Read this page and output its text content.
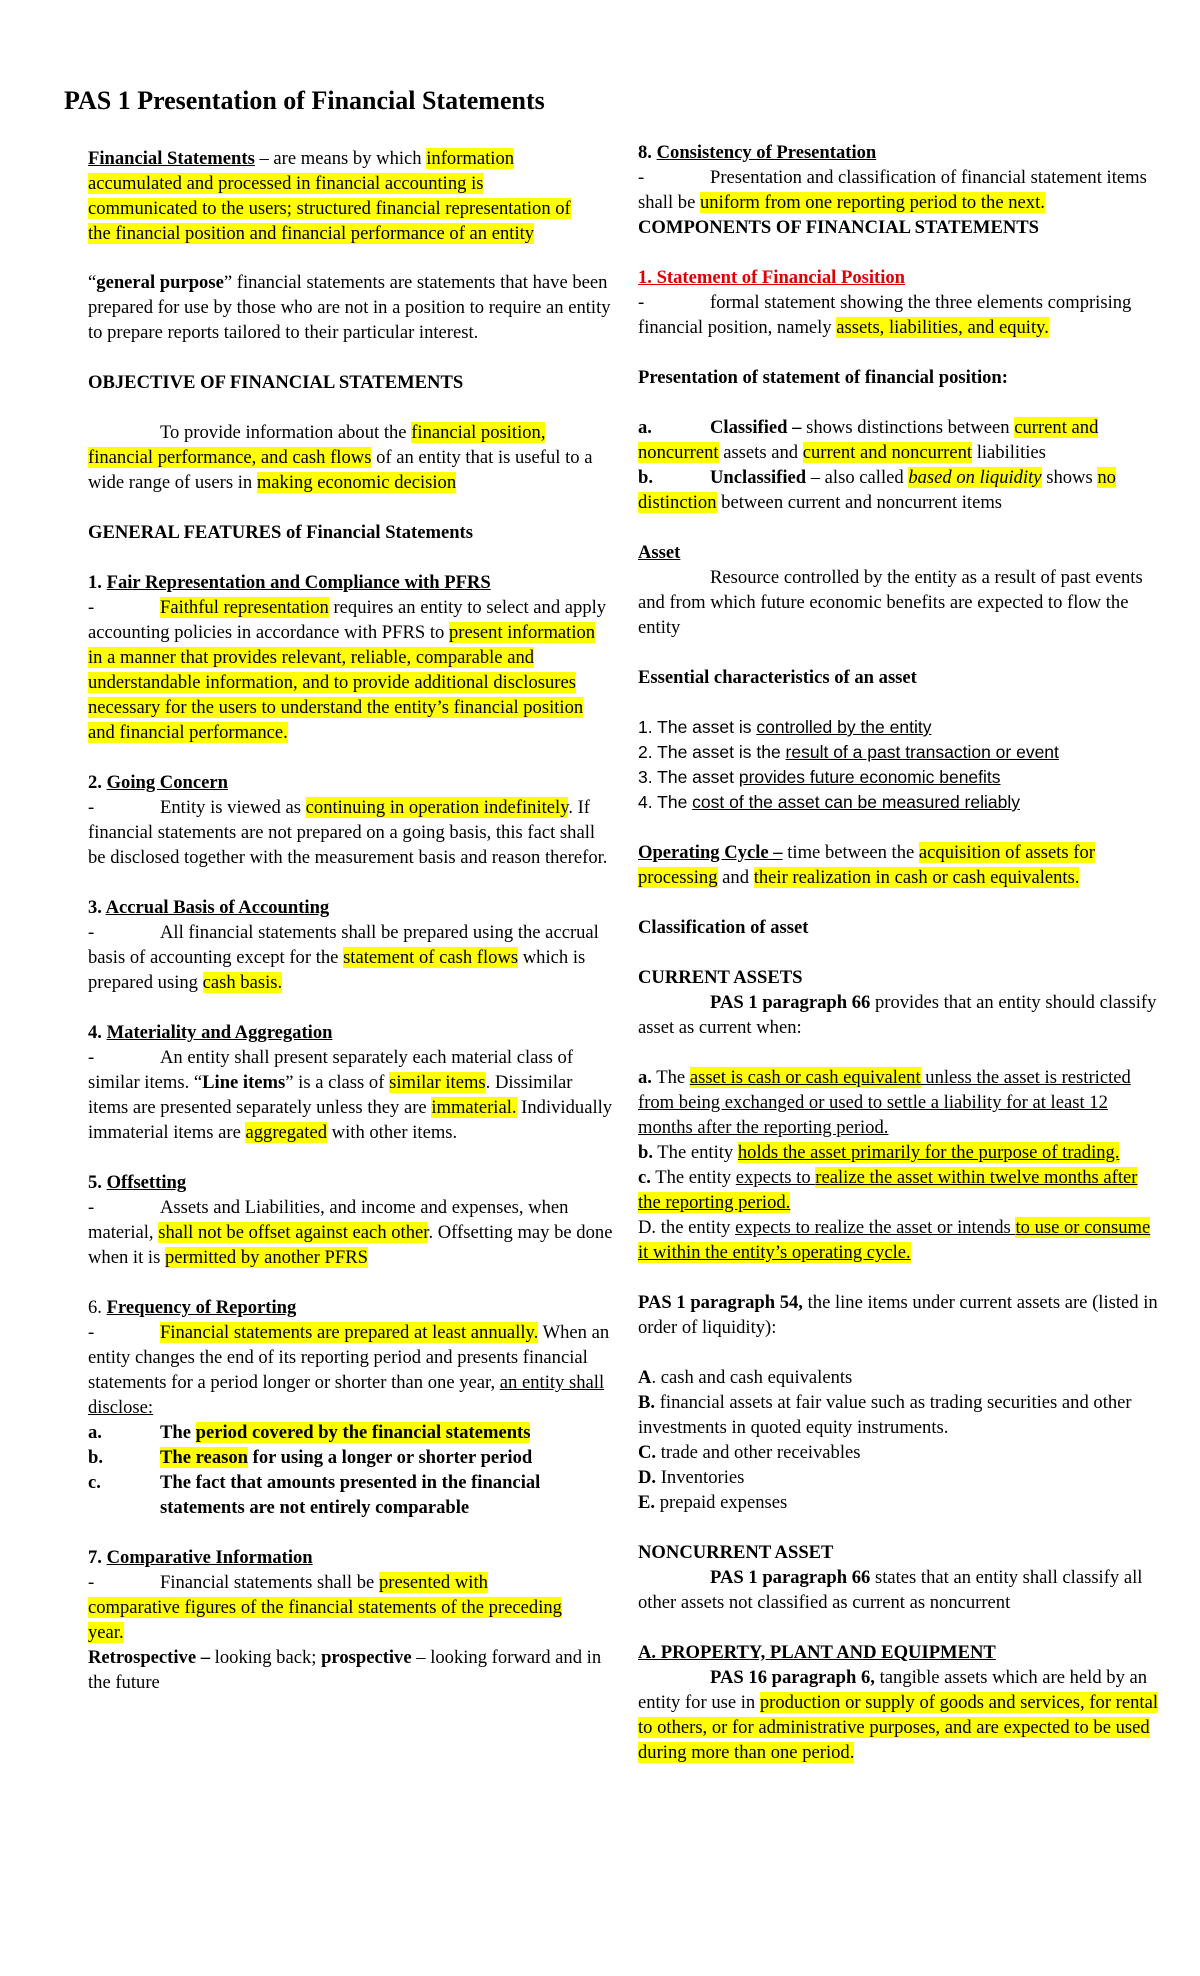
PAS 1 Presentation of Financial Statements

Financial Statements – are means by which information accumulated and processed in financial accounting is communicated to the users; structured financial representation of the financial position and financial performance of an entity

“general purpose” financial statements are statements that have been prepared for use by those who are not in a position to require an entity to prepare reports tailored to their particular interest.

OBJECTIVE OF FINANCIAL STATEMENTS

To provide information about the financial position, financial performance, and cash flows of an entity that is useful to a wide range of users in making economic decision

GENERAL FEATURES of Financial Statements

1. Fair Representation and Compliance with PFRS

-	Faithful representation requires an entity to select and apply accounting policies in accordance with PFRS to present information in a manner that provides relevant, reliable, comparable and understandable information, and to provide additional disclosures necessary for the users to understand the entity’s financial position and financial performance.

2. Going Concern

-	Entity is viewed as continuing in operation indefinitely. If financial statements are not prepared on a going basis, this fact shall be disclosed together with the measurement basis and reason therefor.

3. Accrual Basis of Accounting

-	All financial statements shall be prepared using the accrual basis of accounting except for the statement of cash flows which is prepared using cash basis.

4. Materiality and Aggregation

-	An entity shall present separately each material class of similar items. “Line items” is a class of similar items. Dissimilar items are presented separately unless they are immaterial. Individually immaterial items are aggregated with other items.

5. Offsetting

-	Assets and Liabilities, and income and expenses, when material, shall not be offset against each other. Offsetting may be done when it is permitted by another PFRS

6. Frequency of Reporting

-	Financial statements are prepared at least annually. When an entity changes the end of its reporting period and presents financial statements for a period longer or shorter than one year, an entity shall disclose:

a.	The period covered by the financial statements
b.	The reason for using a longer or shorter period
c.	The fact that amounts presented in the financial statements are not entirely comparable

7. Comparative Information

-	Financial statements shall be presented with comparative figures of the financial statements of the preceding year.

Retrospective – looking back; prospective – looking forward and in the future

8. Consistency of Presentation

-	Presentation and classification of financial statement items shall be uniform from one reporting period to the next.

COMPONENTS OF FINANCIAL STATEMENTS

1. Statement of Financial Position

-	formal statement showing the three elements comprising financial position, namely assets, liabilities, and equity.

Presentation of statement of financial position:

a.	Classified – shows distinctions between current and noncurrent assets and current and noncurrent liabilities

b.	Unclassified – also called based on liquidity shows no distinction between current and noncurrent items

Asset

Resource controlled by the entity as a result of past events and from which future economic benefits are expected to flow the entity

Essential characteristics of an asset

1. The asset is controlled by the entity

2. The asset is the result of a past transaction or event

3. The asset provides future economic benefits

4. The cost of the asset can be measured reliably

Operating Cycle – time between the acquisition of assets for processing and their realization in cash or cash equivalents.

Classification of asset

CURRENT ASSETS

PAS 1 paragraph 66 provides that an entity should classify asset as current when:

a. The asset is cash or cash equivalent unless the asset is restricted from being exchanged or used to settle a liability for at least 12 months after the reporting period.

b. The entity holds the asset primarily for the purpose of trading.

c. The entity expects to realize the asset within twelve months after the reporting period.

D. the entity expects to realize the asset or intends to use or consume it within the entity’s operating cycle.

PAS 1 paragraph 54, the line items under current assets are (listed in order of liquidity):

A. cash and cash equivalents

B. financial assets at fair value such as trading securities and other investments in quoted equity instruments.

C. trade and other receivables

D. Inventories

E. prepaid expenses

NONCURRENT ASSET

PAS 1 paragraph 66 states that an entity shall classify all other assets not classified as current as noncurrent

A. PROPERTY, PLANT AND EQUIPMENT

PAS 16 paragraph 6, tangible assets which are held by an entity for use in production or supply of goods and services, for rental to others, or for administrative purposes, and are expected to be used during more than one period.
